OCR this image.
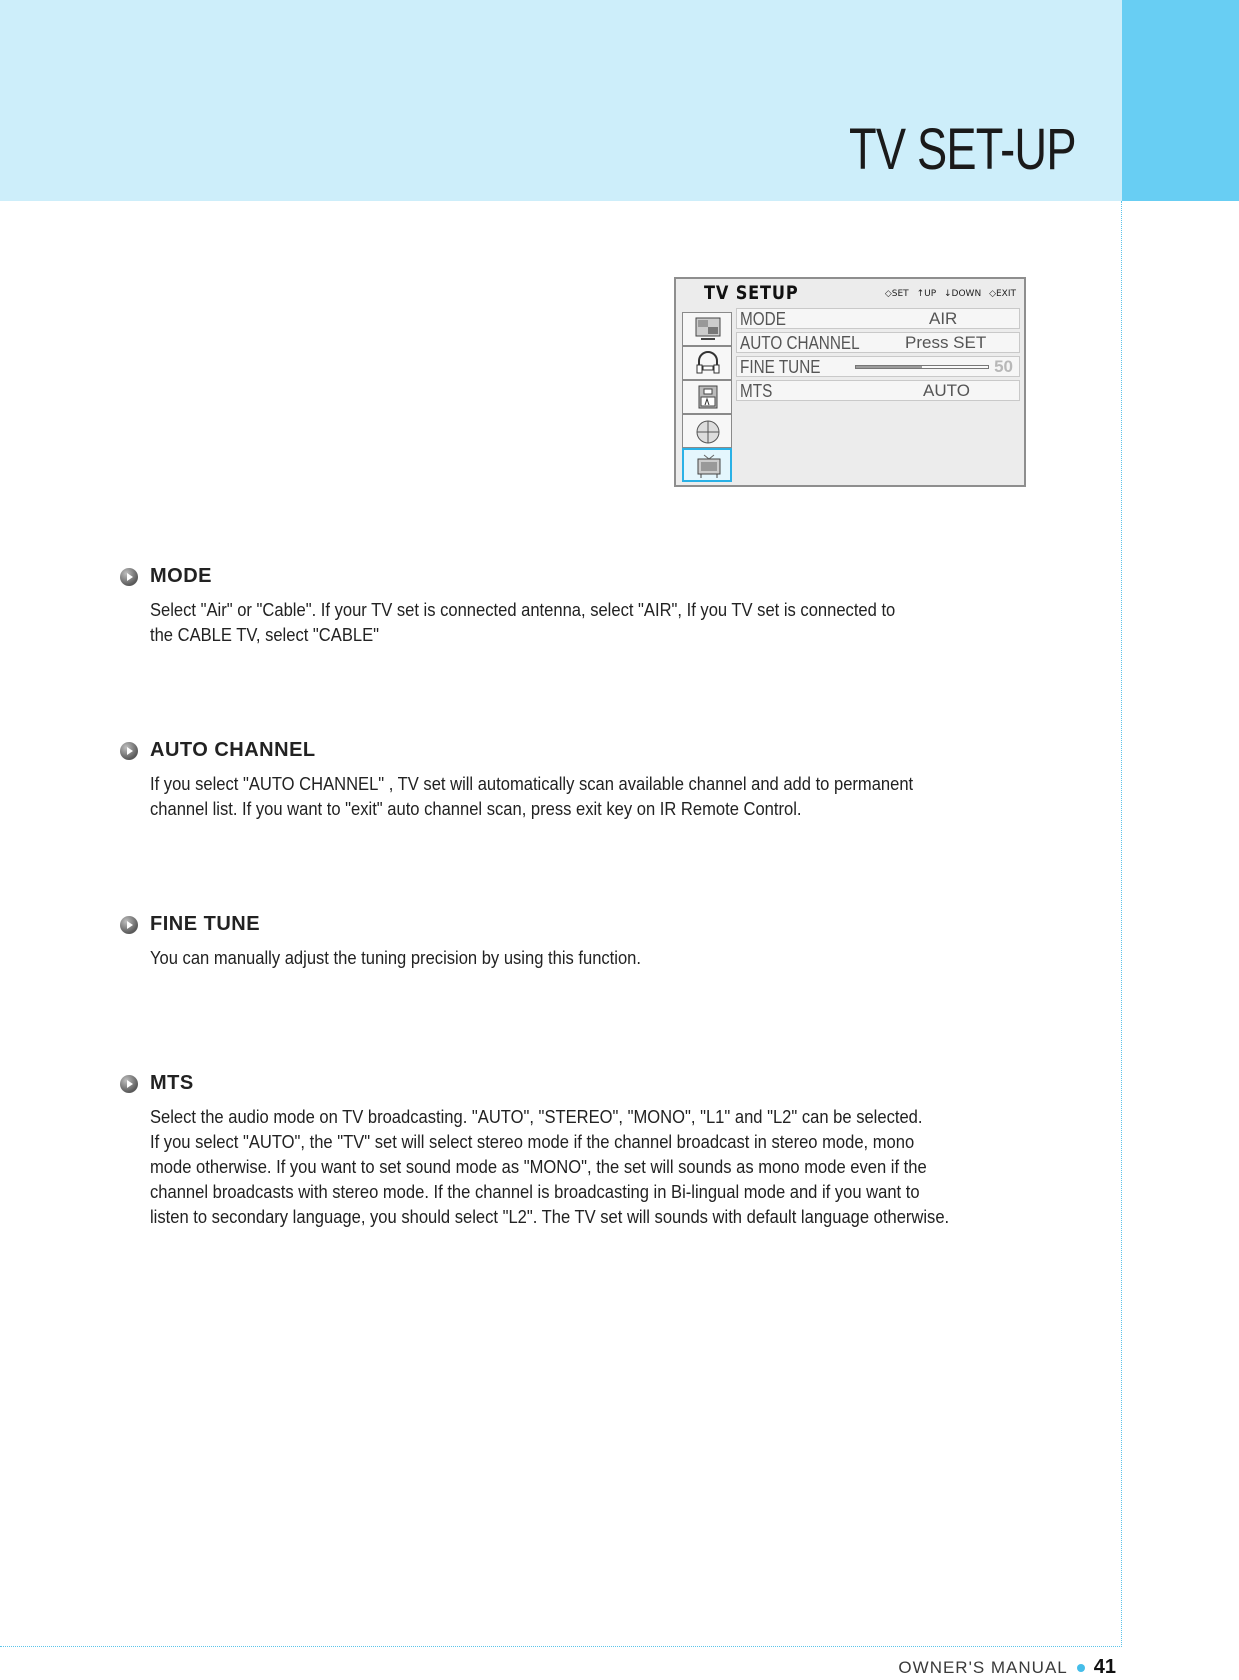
TV SET-UP
TV SETUP	◇SET ↑UP ↓DOWN ◇EXIT
MODE	AIR
AUTO CHANNEL	Press SET
FINE TUNE	50
MTS	AUTO
MODE

Select "Air" or "Cable". If your TV set is connected antenna, select "AIR", If you TV set is connected to

the CABLE TV, select "CABLE"

AUTO CHANNEL

If you select "AUTO CHANNEL" , TV set will automatically scan available channel and add to permanent

channel list. If you want to "exit" auto channel scan, press exit key on IR Remote Control.

FINE TUNE

You can manually adjust the tuning precision by using this function.

MTS

Select the audio mode on TV broadcasting. "AUTO", "STEREO", "MONO", "L1" and "L2" can be selected.

If you select "AUTO", the "TV" set will select stereo mode if the channel broadcast in stereo mode, mono

mode otherwise. If you want to set sound mode as "MONO", the set will sounds as mono mode even if the

channel broadcasts with stereo mode. If the channel is broadcasting in Bi-lingual mode and if you want to

listen to secondary language, you should select "L2". The TV set will sounds with default language otherwise.

OWNER'S MANUAL 41
